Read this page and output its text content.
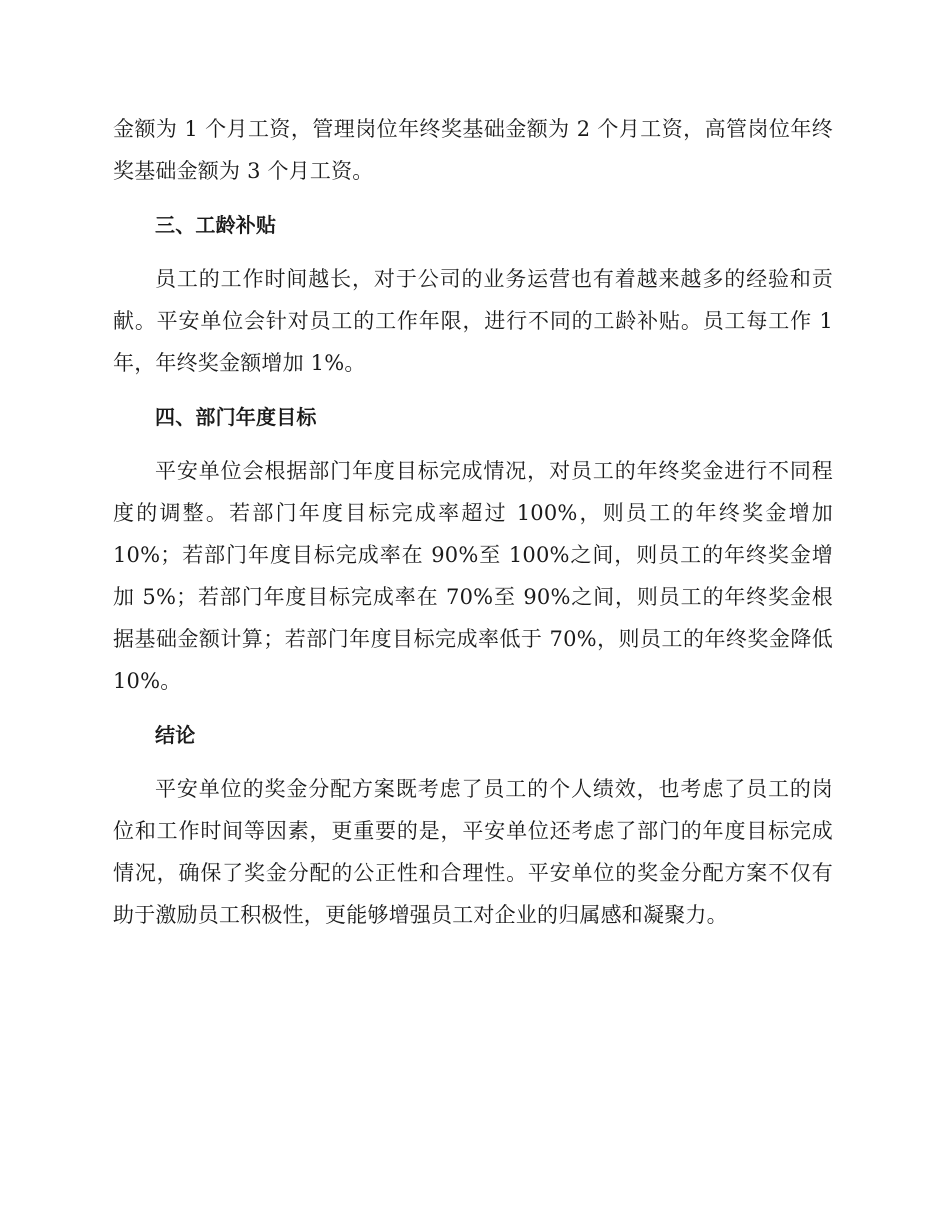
金额为 1 个月工资，管理岗位年终奖基础金额为 2 个月工资，高管岗位年终奖基础金额为 3 个月工资。

三、工龄补贴

员工的工作时间越长，对于公司的业务运营也有着越来越多的经验和贡献。平安单位会针对员工的工作年限，进行不同的工龄补贴。员工每工作 1 年，年终奖金额增加 1%。

四、部门年度目标

平安单位会根据部门年度目标完成情况，对员工的年终奖金进行不同程度的调整。若部门年度目标完成率超过 100%，则员工的年终奖金增加 10%；若部门年度目标完成率在 90%至 100%之间，则员工的年终奖金增加 5%；若部门年度目标完成率在 70%至 90%之间，则员工的年终奖金根据基础金额计算；若部门年度目标完成率低于 70%，则员工的年终奖金降低 10%。

结论

平安单位的奖金分配方案既考虑了员工的个人绩效，也考虑了员工的岗位和工作时间等因素，更重要的是，平安单位还考虑了部门的年度目标完成情况，确保了奖金分配的公正性和合理性。平安单位的奖金分配方案不仅有助于激励员工积极性，更能够增强员工对企业的归属感和凝聚力。
